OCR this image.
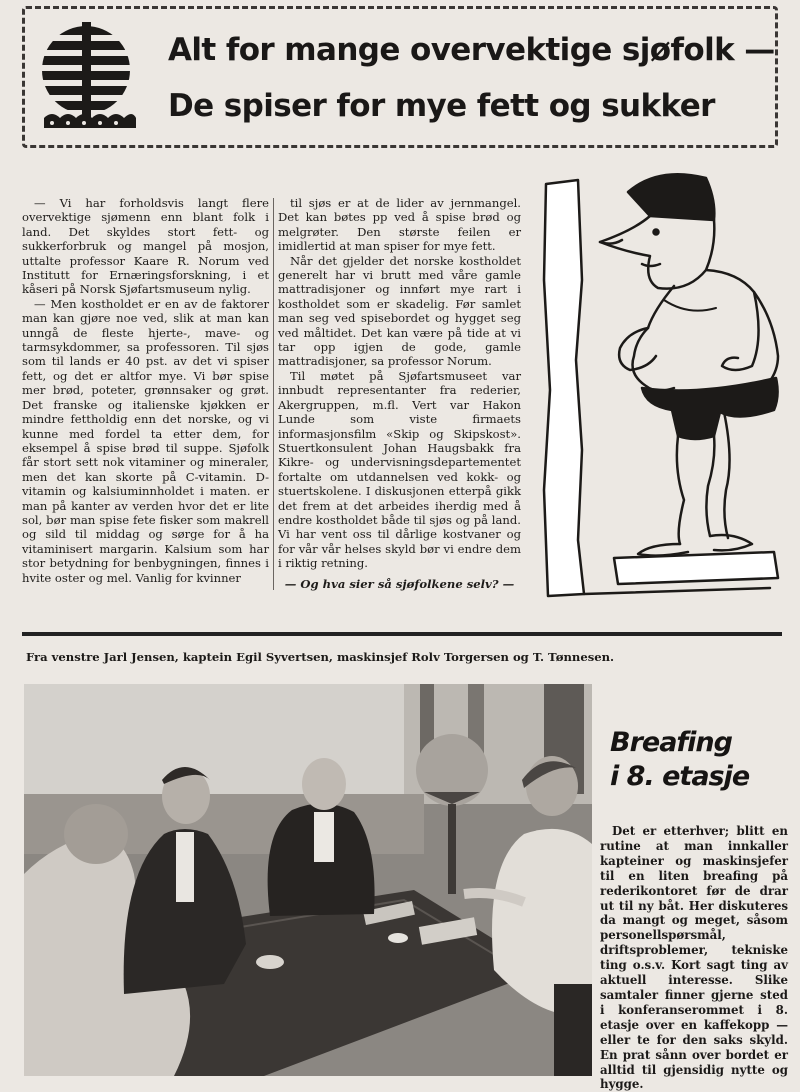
Alt for mange overvektige sjøfolk —
De spiser for mye fett og sukker

— Vi har forholdsvis langt flere overvektige sjømenn enn blant folk i land. Det skyldes stort fett- og sukkerforbruk og mangel på mosjon, uttalte professor Kaare R. Norum ved Institutt for Ernæringsforskning, i et kåseri på Norsk Sjøfartsmuseum nylig.

— Men kostholdet er en av de faktorer man kan gjøre noe ved, slik at man kan unngå de fleste hjerte-, mave- og tarmsykdommer, sa professoren. Til sjøs som til lands er 40 pst. av det vi spiser fett, og det er altfor mye. Vi bør spise mer brød, poteter, grønnsaker og grøt. Det franske og italienske kjøkken er mindre fettholdig enn det norske, og vi kunne med fordel ta etter dem, for eksempel å spise brød til suppe. Sjøfolk får stort sett nok vitaminer og mineraler, men det kan skorte på C-vitamin. D-vitamin og kalsiuminnholdet i maten. er man på kanter av verden hvor det er lite sol, bør man spise fete fisker som makrell og sild til middag og sørge for å ha vitaminisert margarin. Kalsium som har stor betydning for benbygningen, finnes i hvite oster og mel. Vanlig for kvinner

til sjøs er at de lider av jernmangel. Det kan bøtes pp ved å spise brød og melgrøter. Den største feilen er imidlertid at man spiser for mye fett.

Når det gjelder det norske kostholdet generelt har vi brutt med våre gamle mattradisjoner og innført mye rart i kostholdet som er skadelig. Før samlet man seg ved spisebordet og hygget seg ved måltidet. Det kan være på tide at vi tar opp igjen de gode, gamle mattradisjoner, sa professor Norum.

Til møtet på Sjøfartsmuseet var innbudt representanter fra rederier, Akergruppen, m.fl. Vert var Hakon Lunde som viste firmaets informasjonsfilm «Skip og Skipskost». Stuertkonsulent Johan Haugsbakk fra Kikre- og undervisningsdepartementet fortalte om utdannelsen ved kokk- og stuertskolene. I diskusjonen etterpå gikk det frem at det arbeides iherdig med å endre kostholdet både til sjøs og på land. Vi har vent oss til dårlige kostvaner og for vår vår helses skyld bør vi endre dem i riktig retning.

— Og hva sier så sjøfolkene selv? —

Fra venstre Jarl Jensen, kaptein Egil Syvertsen, maskinsjef Rolv Torgersen og T. Tønnesen.
Breafing
i 8. etasje

Det er etterhver; blitt en rutine at man innkaller kapteiner og maskinsjefer til en liten breafing på rederikontoret før de drar ut til ny båt. Her diskuteres da mangt og meget, såsom personellspørsmål, driftsproblemer, tekniske ting o.s.v. Kort sagt ting av aktuell interesse. Slike samtaler finner gjerne sted i konferanserommet i 8. etasje over en kaffekopp — eller te for den saks skyld. En prat sånn over bordet er alltid til gjensidig nytte og hygge.
